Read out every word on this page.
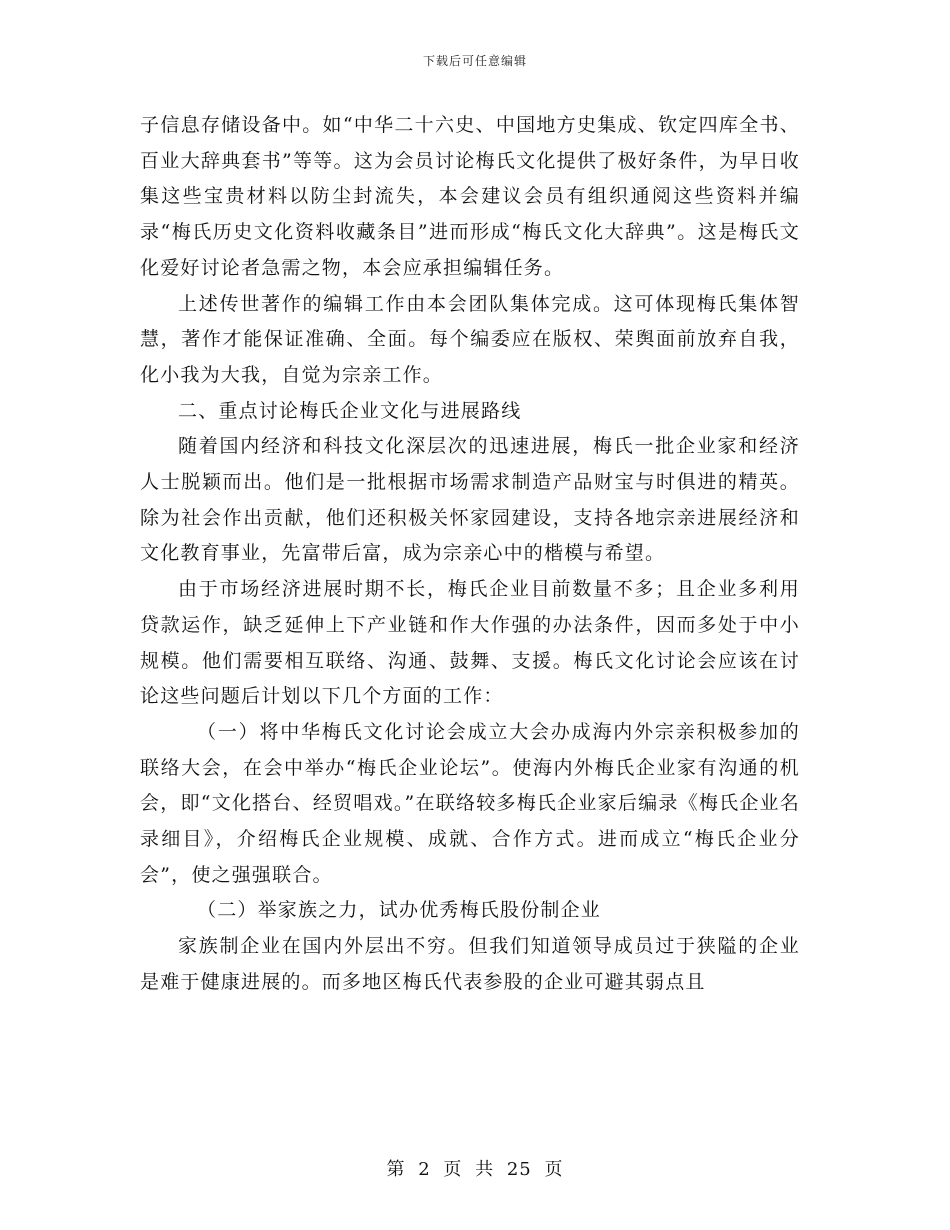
下载后可任意编辑

子信息存储设备中。如“中华二十六史、中国地方史集成、钦定四库全书、百业大辞典套书”等等。这为会员讨论梅氏文化提供了极好条件，为早日收集这些宝贵材料以防尘封流失，本会建议会员有组织通阅这些资料并编录“梅氏历史文化资料收藏条目”进而形成“梅氏文化大辞典”。这是梅氏文化爱好讨论者急需之物，本会应承担编辑任务。

上述传世著作的编辑工作由本会团队集体完成。这可体现梅氏集体智慧，著作才能保证准确、全面。每个编委应在版权、荣舆面前放弃自我，化小我为大我，自觉为宗亲工作。

二、重点讨论梅氏企业文化与进展路线

随着国内经济和科技文化深层次的迅速进展，梅氏一批企业家和经济人士脱颖而出。他们是一批根据市场需求制造产品财宝与时俱进的精英。除为社会作出贡献，他们还积极关怀家园建设，支持各地宗亲进展经济和文化教育事业，先富带后富，成为宗亲心中的楷模与希望。

由于市场经济进展时期不长，梅氏企业目前数量不多；且企业多利用贷款运作，缺乏延伸上下产业链和作大作强的办法条件，因而多处于中小规模。他们需要相互联络、沟通、鼓舞、支援。梅氏文化讨论会应该在讨论这些问题后计划以下几个方面的工作：

（一）将中华梅氏文化讨论会成立大会办成海内外宗亲积极参加的联络大会，在会中举办“梅氏企业论坛”。使海内外梅氏企业家有沟通的机会，即“文化搭台、经贸唱戏。”在联络较多梅氏企业家后编录《梅氏企业名录细目》，介绍梅氏企业规模、成就、合作方式。进而成立“梅氏企业分会”，使之强强联合。

（二）举家族之力，试办优秀梅氏股份制企业

家族制企业在国内外层出不穷。但我们知道领导成员过于狭隘的企业是难于健康进展的。而多地区梅氏代表参股的企业可避其弱点且

第 2 页 共 25 页
